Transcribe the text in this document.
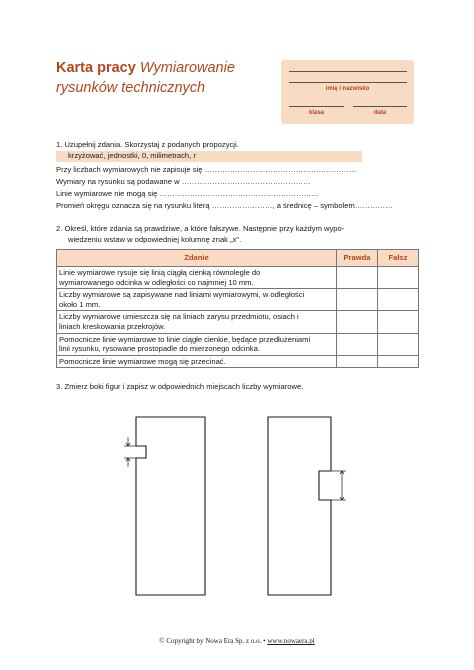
Karta pracy Wymiarowanie
rysunków technicznych	imię i nazwisko
klasa	data
1. Uzupełnij zdania. Skorzystaj z podanych propozycji.
krzyżować, jednostki, 0, milimetrach, r
Przy liczbach wymiarowych nie zapisuje się ……………………………………………………
Wymiary na rysunku są podawane w ……………………………………………
Linie wymiarowe nie mogą się ………………………………………………………
Promień okręgu oznacza się na rysunku literą ……………………, a średnicę – symbolem……………
2. Określ, które zdania są prawdziwe, a które fałszywe. Następnie przy każdym wypo-
wiedzeniu wstaw w odpowiedniej kolumnę znak „x".
Zdanie	Prawda	Fałsz

Linie wymiarowe rysuje się linią ciągłą cienką równolegle do
wymiarowanego odcinka w odległości co najmniej 10 mm.		

Liczby wymiarowe są zapisywane nad liniami wymiarowymi, w odległości
około 1 mm.		

Liczby wymiarowe umieszcza się na liniach zarysu przedmiotu, osiach i
liniach kreskowania przekrojów.		

Pomocnicze linie wymiarowe to linie ciągłe cienkie, będące przedłużeniami
linii rysunku, rysowane prostopadle do mierzonego odcinka.		

Pomocnicze linie wymiarowe mogą się przecinać.		

3. Zmierz boki figur i zapisz w odpowiednich miejscach liczby wymiarowe.
© Copyright by Nowa Era Sp. z o.o. • www.nowaera.pl
